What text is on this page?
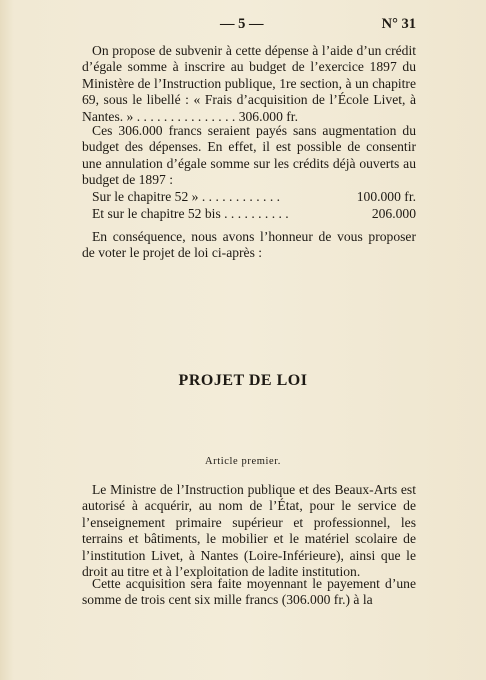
— 5 —	N° 31

On propose de subvenir à cette dépense à l’aide d’un crédit d’égale somme à inscrire au budget de l’exercice 1897 du Ministère de l’Instruction publique, 1re section, à un chapitre 69, sous le libellé : « Frais d’acquisition de l’École Livet, à Nantes. » . . . . . . . . . . . . . . . 306.000 fr.

Ces 306.000 francs seraient payés sans augmentation du budget des dépenses. En effet, il est possible de consentir une annulation d’égale somme sur les crédits déjà ouverts au budget de 1897 :

Sur le chapitre 52 » . . . . . . . . . . . .	100.000 fr.
Et sur le chapitre 52 bis . . . . . . . . . .	206.000

En conséquence, nous avons l’honneur de vous proposer de voter le projet de loi ci-après :

PROJET DE LOI
Article premier.

Le Ministre de l’Instruction publique et des Beaux-Arts est autorisé à acquérir, au nom de l’État, pour le service de l’enseignement primaire supérieur et professionnel, les terrains et bâtiments, le mobilier et le matériel scolaire de l’institution Livet, à Nantes (Loire-Inférieure), ainsi que le droit au titre et à l’exploitation de ladite institution.

Cette acquisition sera faite moyennant le payement d’une somme de trois cent six mille francs (306.000 fr.) à la
